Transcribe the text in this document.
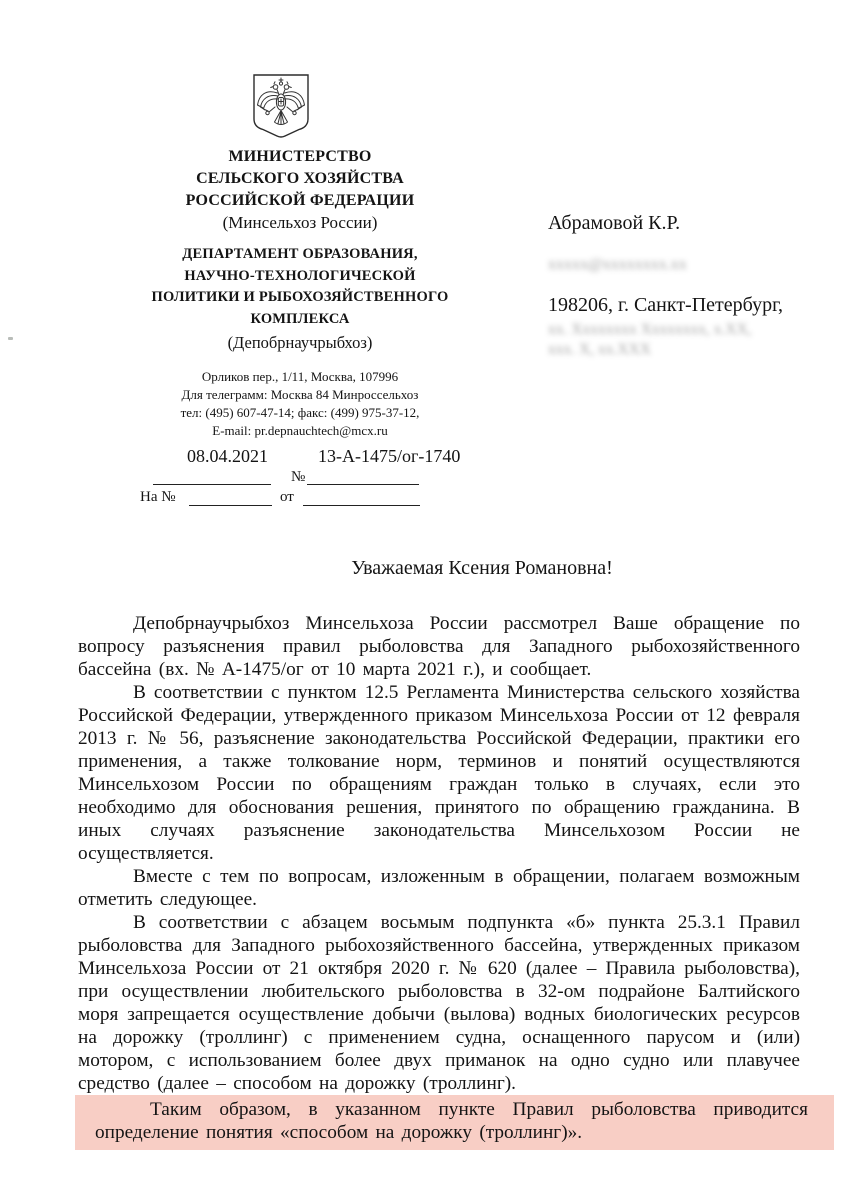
МИНИСТЕРСТВО
СЕЛЬСКОГО ХОЗЯЙСТВА
РОССИЙСКОЙ ФЕДЕРАЦИИ
(Минсельхоз России)
ДЕПАРТАМЕНТ ОБРАЗОВАНИЯ,
НАУЧНО-ТЕХНОЛОГИЧЕСКОЙ
ПОЛИТИКИ И РЫБОХОЗЯЙСТВЕННОГО
КОМПЛЕКСА
(Депобрнаучрыбхоз)
Орликов пер., 1/11, Москва, 107996
Для телеграмм: Москва 84 Минроссельхоз
тел: (495) 607-47-14; факс: (499) 975-37-12,
E-mail: pr.depnauchtech@mcx.ru
08.04.2021	13-А-1475/ог-1740
№
На №	от
Абрамовой К.Р.
xxxxx@xxxxxxxx.xx
198206, г. Санкт-Петербург,
хх. Хххххххх Хххххххх, х.ХХ,
ххх. Х, хх.ХХХ
Уважаемая Ксения Романовна!

Депобрнаучрыбхоз Минсельхоза России рассмотрел Ваше обращение по вопросу разъяснения правил рыболовства для Западного рыбохозяйственного бассейна (вх. № А-1475/ог от 10 марта 2021 г.), и сообщает.

В соответствии с пунктом 12.5 Регламента Министерства сельского хозяйства Российской Федерации, утвержденного приказом Минсельхоза России от 12 февраля 2013 г. № 56, разъяснение законодательства Российской Федерации, практики его применения, а также толкование норм, терминов и понятий осуществляются Минсельхозом России по обращениям граждан только в случаях, если это необходимо для обоснования решения, принятого по обращению гражданина. В иных случаях разъяснение законодательства Минсельхозом России не осуществляется.

Вместе с тем по вопросам, изложенным в обращении, полагаем возможным отметить следующее.

В соответствии с абзацем восьмым подпункта «б» пункта 25.3.1 Правил рыболовства для Западного рыбохозяйственного бассейна, утвержденных приказом Минсельхоза России от 21 октября 2020 г. № 620 (далее – Правила рыболовства), при осуществлении любительского рыболовства в 32-ом подрайоне Балтийского моря запрещается осуществление добычи (вылова) водных биологических ресурсов на дорожку (троллинг) с применением судна, оснащенного парусом и (или) мотором, с использованием более двух приманок на одно судно или плавучее средство (далее – способом на дорожку (троллинг).

Таким образом, в указанном пункте Правил рыболовства приводится определение понятия «способом на дорожку (троллинг)».
